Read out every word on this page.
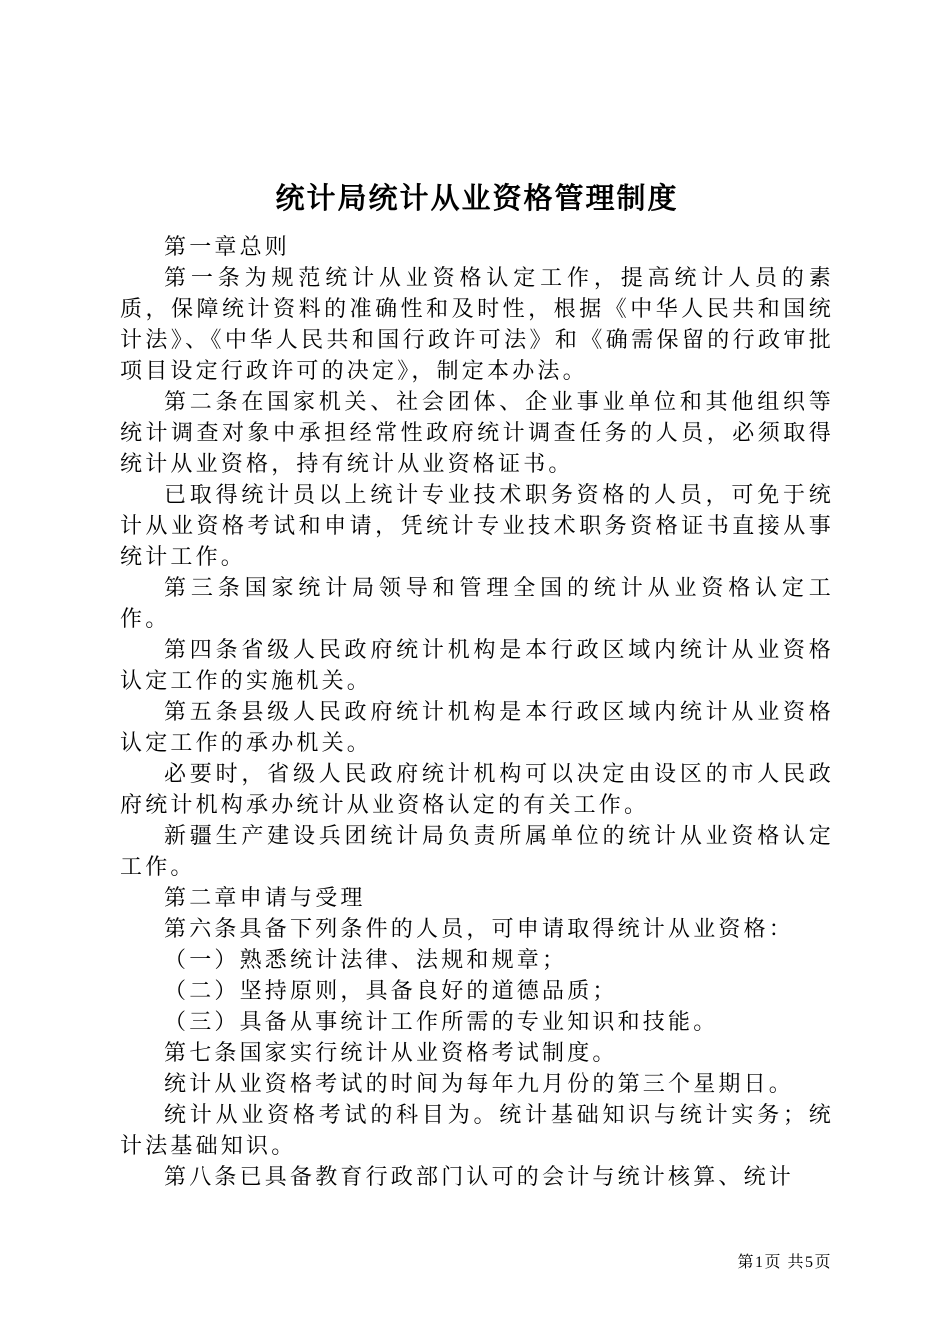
统计局统计从业资格管理制度

第一章总则

第一条为规范统计从业资格认定工作，提高统计人员的素质，保障统计资料的准确性和及时性，根据《中华人民共和国统计法》、《中华人民共和国行政许可法》和《确需保留的行政审批项目设定行政许可的决定》，制定本办法。

第二条在国家机关、社会团体、企业事业单位和其他组织等统计调查对象中承担经常性政府统计调查任务的人员，必须取得统计从业资格，持有统计从业资格证书。

已取得统计员以上统计专业技术职务资格的人员，可免于统计从业资格考试和申请，凭统计专业技术职务资格证书直接从事统计工作。

第三条国家统计局领导和管理全国的统计从业资格认定工作。

第四条省级人民政府统计机构是本行政区域内统计从业资格认定工作的实施机关。

第五条县级人民政府统计机构是本行政区域内统计从业资格认定工作的承办机关。

必要时，省级人民政府统计机构可以决定由设区的市人民政府统计机构承办统计从业资格认定的有关工作。

新疆生产建设兵团统计局负责所属单位的统计从业资格认定工作。

第二章申请与受理

第六条具备下列条件的人员，可申请取得统计从业资格：

（一）熟悉统计法律、法规和规章；

（二）坚持原则，具备良好的道德品质；

（三）具备从事统计工作所需的专业知识和技能。

第七条国家实行统计从业资格考试制度。

统计从业资格考试的时间为每年九月份的第三个星期日。

统计从业资格考试的科目为。统计基础知识与统计实务；统计法基础知识。

第八条已具备教育行政部门认可的会计与统计核算、统计

第1页 共5页
